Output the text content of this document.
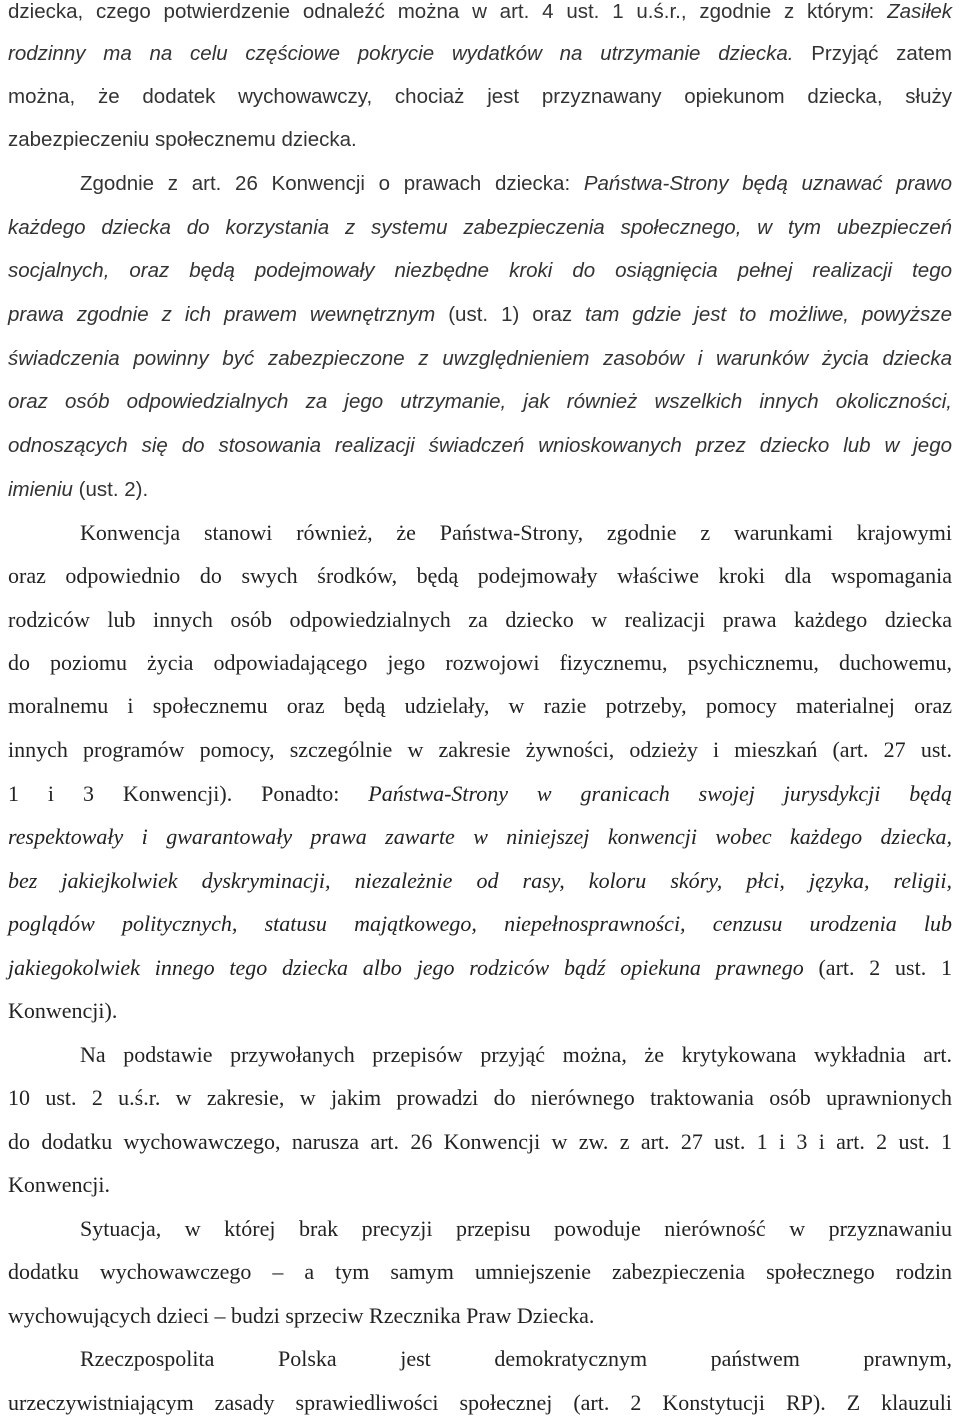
dziecka, czego potwierdzenie odnaleźć można w art. 4 ust. 1 u.ś.r., zgodnie z którym: Zasiłek
rodzinny ma na celu częściowe pokrycie wydatków na utrzymanie dziecka. Przyjąć zatem
można, że dodatek wychowawczy, chociaż jest przyznawany opiekunom dziecka, służy
zabezpieczeniu społecznemu dziecka.
Zgodnie z art. 26 Konwencji o prawach dziecka: Państwa-Strony będą uznawać prawo
każdego dziecka do korzystania z systemu zabezpieczenia społecznego, w tym ubezpieczeń
socjalnych, oraz będą podejmowały niezbędne kroki do osiągnięcia pełnej realizacji tego
prawa zgodnie z ich prawem wewnętrznym (ust. 1) oraz tam gdzie jest to możliwe, powyższe
świadczenia powinny być zabezpieczone z uwzględnieniem zasobów i warunków życia dziecka
oraz osób odpowiedzialnych za jego utrzymanie, jak również wszelkich innych okoliczności,
odnoszących się do stosowania realizacji świadczeń wnioskowanych przez dziecko lub w jego
imieniu (ust. 2).
Konwencja stanowi również, że Państwa-Strony, zgodnie z warunkami krajowymi
oraz odpowiednio do swych środków, będą podejmowały właściwe kroki dla wspomagania
rodziców lub innych osób odpowiedzialnych za dziecko w realizacji prawa każdego dziecka
do poziomu życia odpowiadającego jego rozwojowi fizycznemu, psychicznemu, duchowemu,
moralnemu i społecznemu oraz będą udzielały, w razie potrzeby, pomocy materialnej oraz
innych programów pomocy, szczególnie w zakresie żywności, odzieży i mieszkań (art. 27 ust.
1 i 3 Konwencji). Ponadto: Państwa-Strony w granicach swojej jurysdykcji będą
respektowały i gwarantowały prawa zawarte w niniejszej konwencji wobec każdego dziecka,
bez jakiejkolwiek dyskryminacji, niezależnie od rasy, koloru skóry, płci, języka, religii,
poglądów politycznych, statusu majątkowego, niepełnosprawności, cenzusu urodzenia lub
jakiegokolwiek innego tego dziecka albo jego rodziców bądź opiekuna prawnego (art. 2 ust. 1
Konwencji).
Na podstawie przywołanych przepisów przyjąć można, że krytykowana wykładnia art.
10 ust. 2 u.ś.r. w zakresie, w jakim prowadzi do nierównego traktowania osób uprawnionych
do dodatku wychowawczego, narusza art. 26 Konwencji w zw. z art. 27 ust. 1 i 3 i art. 2 ust. 1
Konwencji.
Sytuacja, w której brak precyzji przepisu powoduje nierówność w przyznawaniu
dodatku wychowawczego – a tym samym umniejszenie zabezpieczenia społecznego rodzin
wychowujących dzieci – budzi sprzeciw Rzecznika Praw Dziecka.
Rzeczpospolita Polska jest demokratycznym państwem prawnym,
urzeczywistniającym zasady sprawiedliwości społecznej (art. 2 Konstytucji RP). Z klauzuli
